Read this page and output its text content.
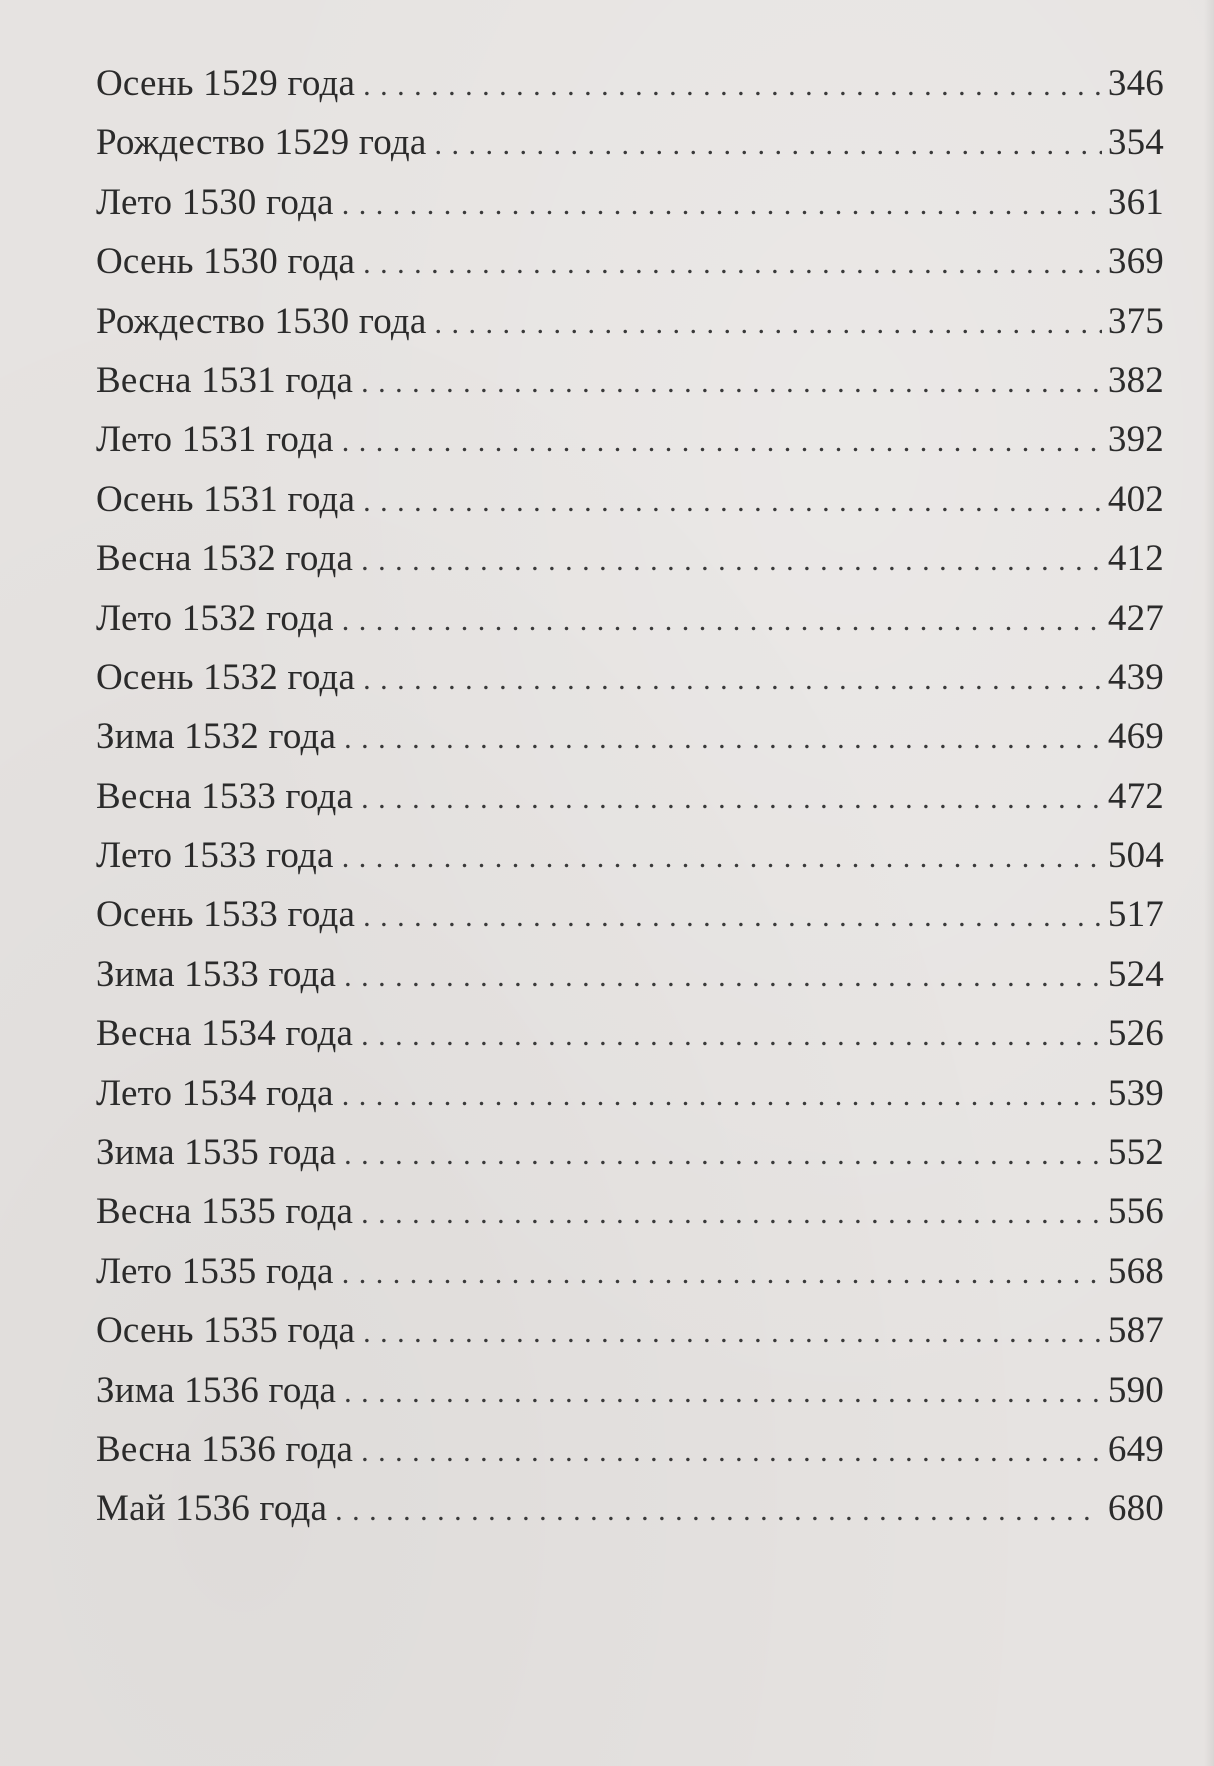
Осень 1529 года . . .	346
Рождество 1529 года . . .	354
Лето 1530 года . . .	361
Осень 1530 года . . .	369
Рождество 1530 года . . .	375
Весна 1531 года . . .	382
Лето 1531 года . . .	392
Осень 1531 года . . .	402
Весна 1532 года . . .	412
Лето 1532 года . . .	427
Осень 1532 года . . .	439
Зима 1532 года . . .	469
Весна 1533 года . . .	472
Лето 1533 года . . .	504
Осень 1533 года . . .	517
Зима 1533 года . . .	524
Весна 1534 года . . .	526
Лето 1534 года . . .	539
Зима 1535 года . . .	552
Весна 1535 года . . .	556
Лето 1535 года . . .	568
Осень 1535 года . . .	587
Зима 1536 года . . .	590
Весна 1536 года . . .	649
Май 1536 года . . .	680
